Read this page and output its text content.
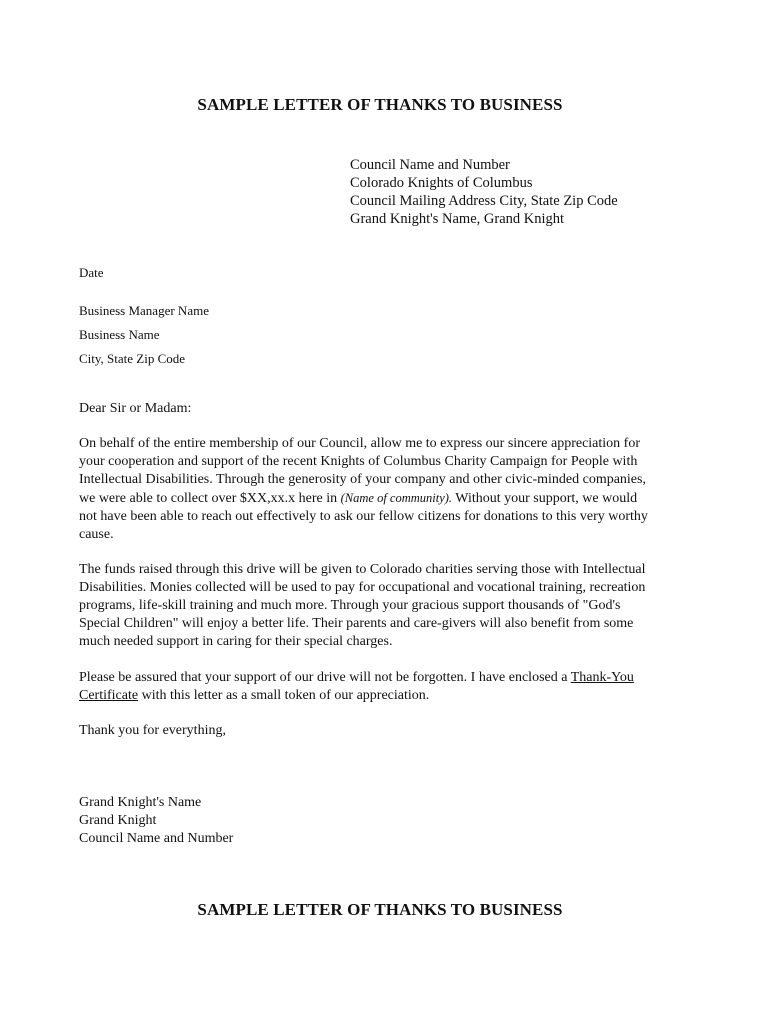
SAMPLE LETTER OF THANKS TO BUSINESS
Council Name and Number
Colorado Knights of Columbus
Council Mailing Address City, State Zip Code
Grand Knight's Name, Grand Knight
Date
Business Manager Name
Business Name
City, State Zip Code
Dear Sir or Madam:
On behalf of the entire membership of our Council, allow me to express our sincere appreciation for
your cooperation and support of the recent Knights of Columbus Charity Campaign for People with
Intellectual Disabilities. Through the generosity of your company and other civic-minded companies,
we were able to collect over $XX,xx.x here in (Name of community). Without your support, we would
not have been able to reach out effectively to ask our fellow citizens for donations to this very worthy
cause.
The funds raised through this drive will be given to Colorado charities serving those with Intellectual
Disabilities. Monies collected will be used to pay for occupational and vocational training, recreation
programs, life-skill training and much more. Through your gracious support thousands of "God's
Special Children" will enjoy a better life. Their parents and care-givers will also benefit from some
much needed support in caring for their special charges.
Please be assured that your support of our drive will not be forgotten. I have enclosed a Thank-You
Certificate with this letter as a small token of our appreciation.
Thank you for everything,
Grand Knight's Name
Grand Knight
Council Name and Number
SAMPLE LETTER OF THANKS TO BUSINESS
